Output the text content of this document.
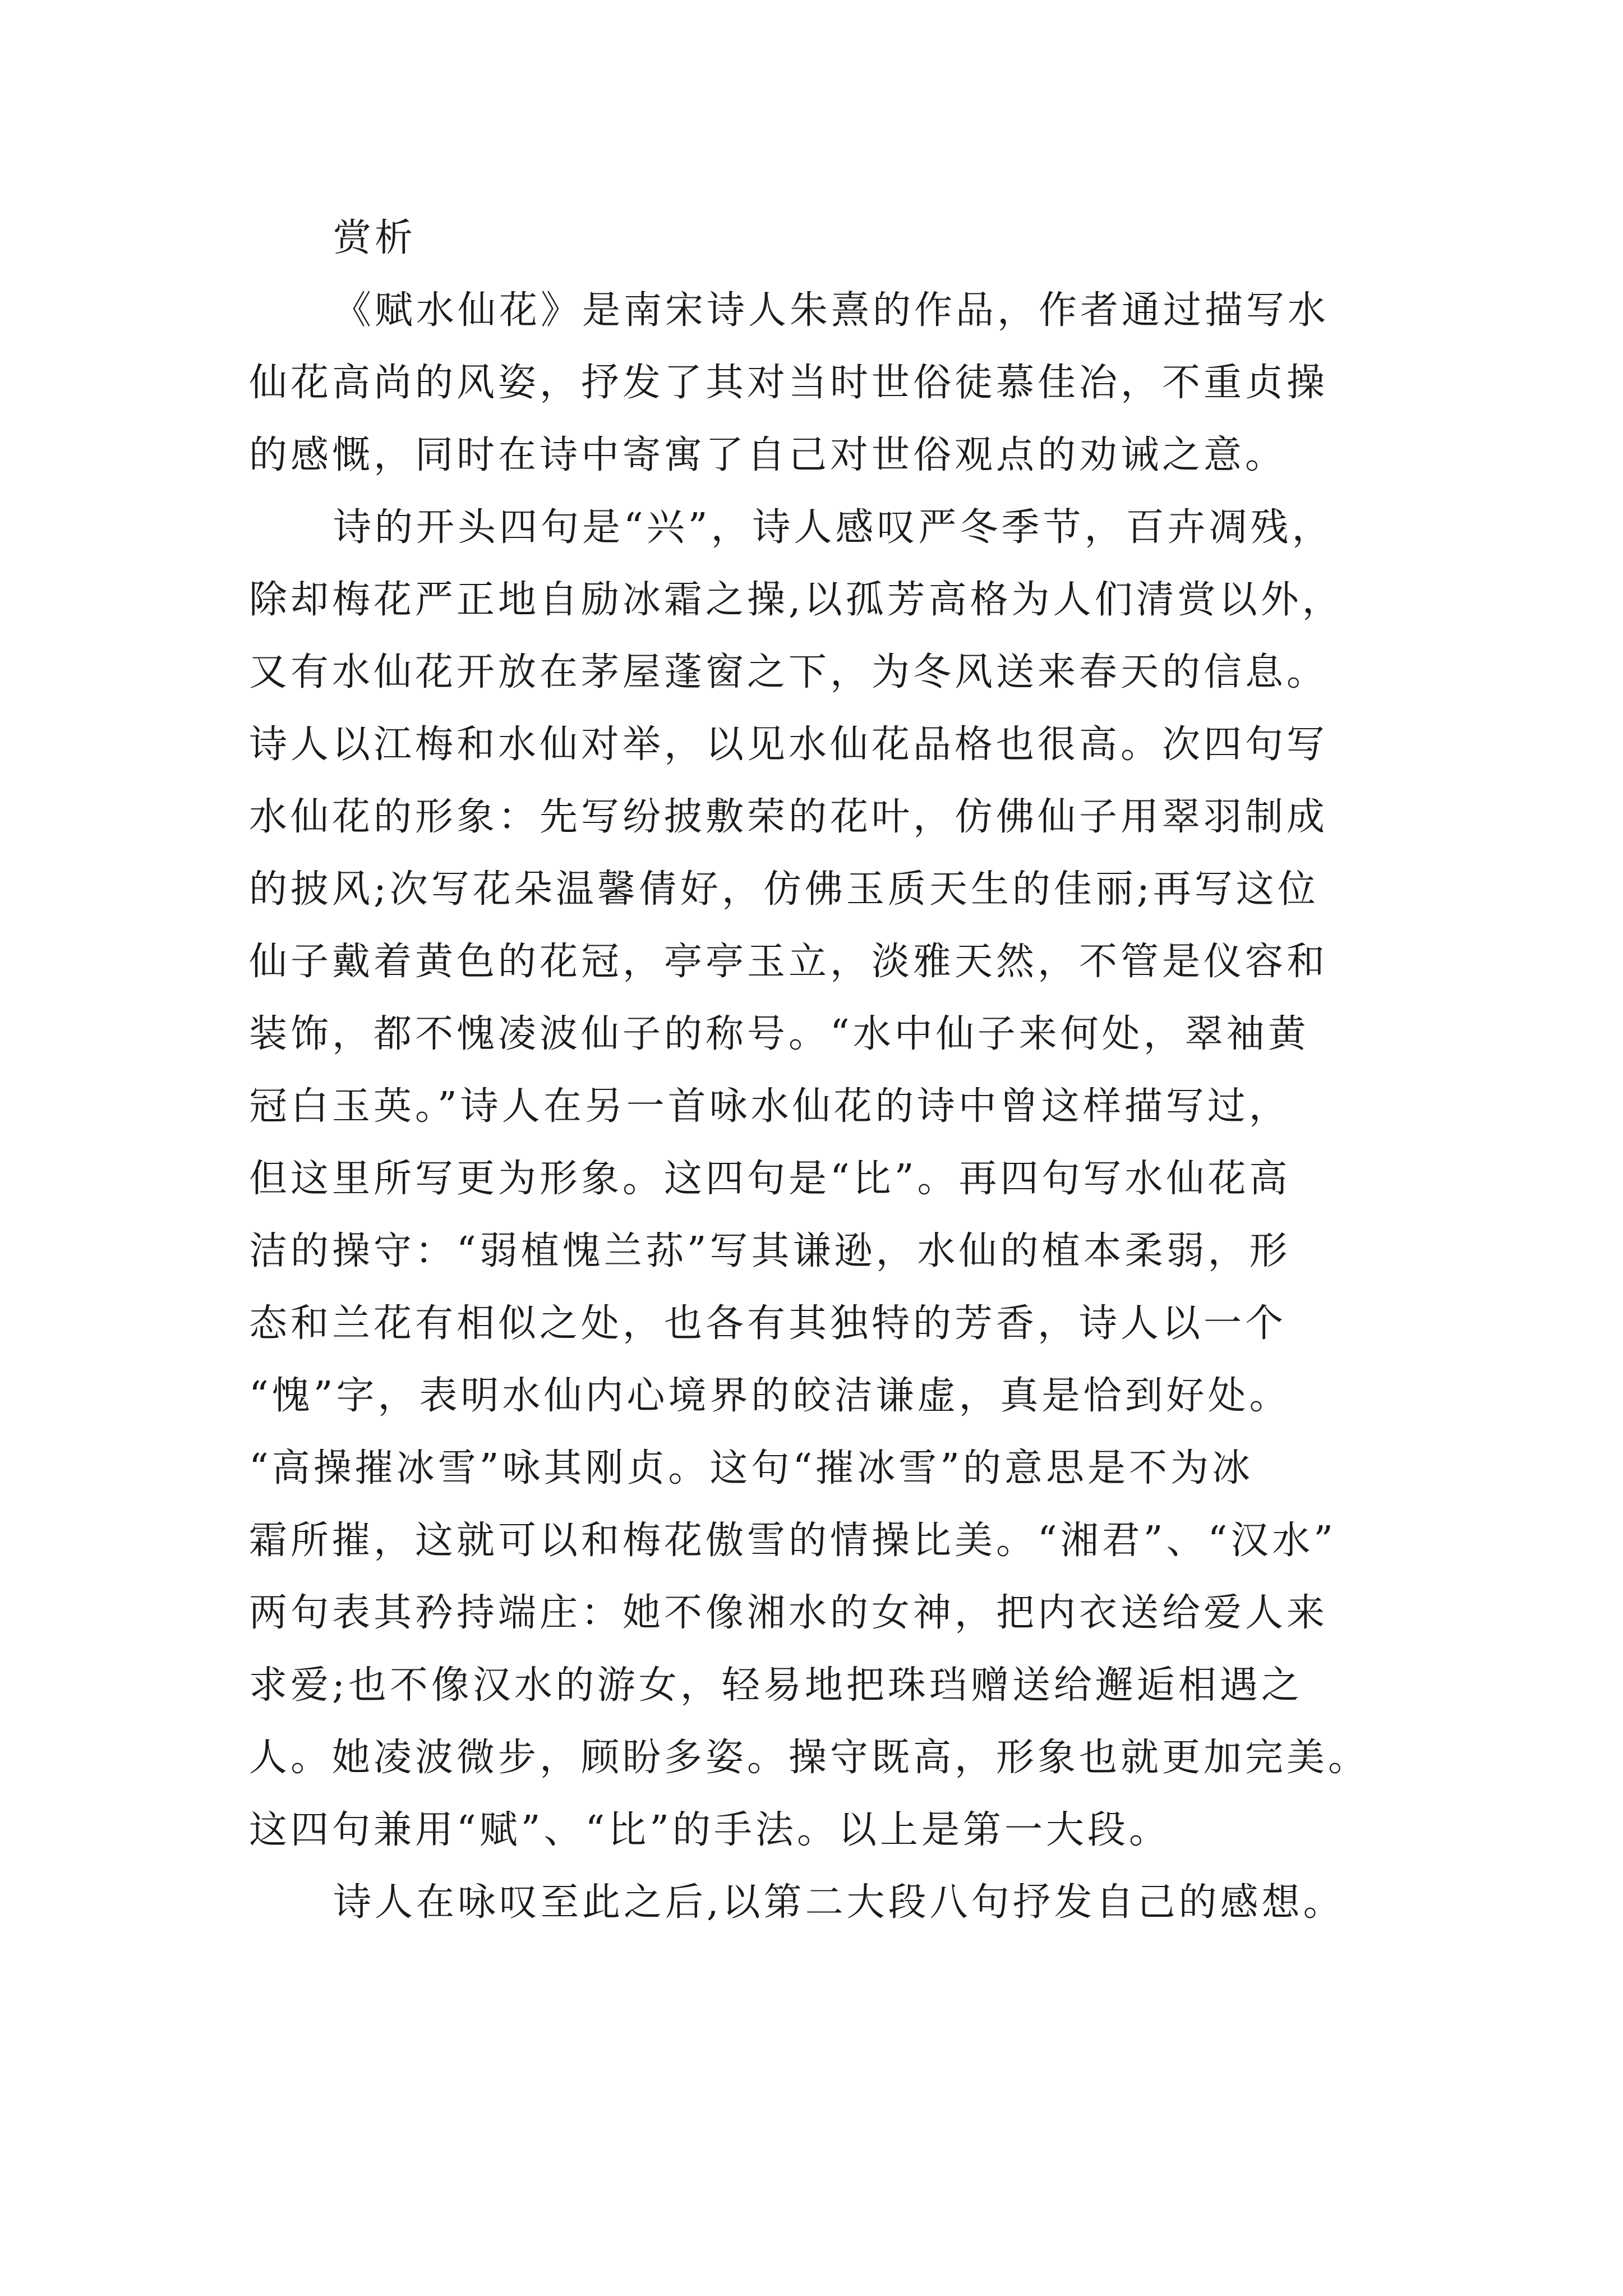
赏析
《赋水仙花》是南宋诗人朱熹的作品，作者通过描写水
仙花高尚的风姿，抒发了其对当时世俗徒慕佳冶，不重贞操
的感慨，同时在诗中寄寓了自己对世俗观点的劝诫之意。
诗的开头四句是“兴”，诗人感叹严冬季节，百卉凋残，
除却梅花严正地自励冰霜之操,以孤芳高格为人们清赏以外，
又有水仙花开放在茅屋蓬窗之下，为冬风送来春天的信息。
诗人以江梅和水仙对举，以见水仙花品格也很高。次四句写
水仙花的形象：先写纷披敷荣的花叶，仿佛仙子用翠羽制成
的披风;次写花朵温馨倩好，仿佛玉质天生的佳丽;再写这位
仙子戴着黄色的花冠，亭亭玉立，淡雅天然，不管是仪容和
装饰，都不愧凌波仙子的称号。“水中仙子来何处，翠袖黄
冠白玉英。”诗人在另一首咏水仙花的诗中曾这样描写过，
但这里所写更为形象。这四句是“比”。再四句写水仙花高
洁的操守：“弱植愧兰荪”写其谦逊，水仙的植本柔弱，形
态和兰花有相似之处，也各有其独特的芳香，诗人以一个
“愧”字，表明水仙内心境界的皎洁谦虚，真是恰到好处。
“高操摧冰雪”咏其刚贞。这句“摧冰雪”的意思是不为冰
霜所摧，这就可以和梅花傲雪的情操比美。“湘君”、“汉水”
两句表其矜持端庄：她不像湘水的女神，把内衣送给爱人来
求爱;也不像汉水的游女，轻易地把珠珰赠送给邂逅相遇之
人。她凌波微步，顾盼多姿。操守既高，形象也就更加完美。
这四句兼用“赋”、“比”的手法。以上是第一大段。
诗人在咏叹至此之后,以第二大段八句抒发自己的感想。
